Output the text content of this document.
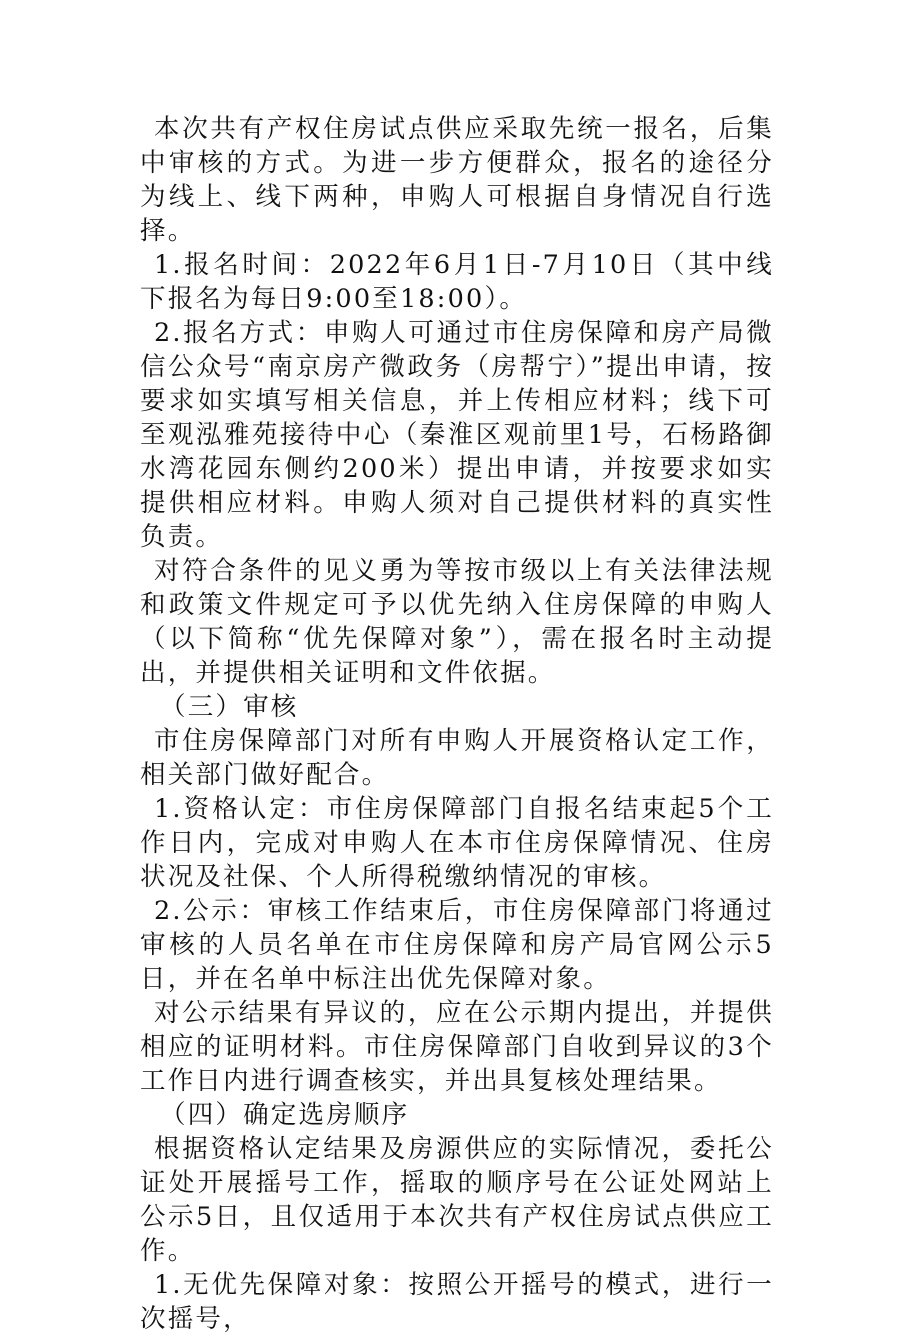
本次共有产权住房试点供应采取先统一报名，后集中审核的方式。为进一步方便群众，报名的途径分为线上、线下两种，申购人可根据自身情况自行选择。

1.报名时间：2022年6月1日-7月10日（其中线下报名为每日9:00至18:00）。

2.报名方式：申购人可通过市住房保障和房产局微信公众号“南京房产微政务（房帮宁）”提出申请，按要求如实填写相关信息，并上传相应材料；线下可至观泓雅苑接待中心（秦淮区观前里1号，石杨路御水湾花园东侧约200米）提出申请，并按要求如实提供相应材料。申购人须对自己提供材料的真实性负责。

对符合条件的见义勇为等按市级以上有关法律法规和政策文件规定可予以优先纳入住房保障的申购人（以下简称“优先保障对象”），需在报名时主动提出，并提供相关证明和文件依据。

（三）审核

市住房保障部门对所有申购人开展资格认定工作，相关部门做好配合。

1.资格认定：市住房保障部门自报名结束起5个工作日内，完成对申购人在本市住房保障情况、住房状况及社保、个人所得税缴纳情况的审核。

2.公示：审核工作结束后，市住房保障部门将通过审核的人员名单在市住房保障和房产局官网公示5日，并在名单中标注出优先保障对象。

对公示结果有异议的，应在公示期内提出，并提供相应的证明材料。市住房保障部门自收到异议的3个工作日内进行调查核实，并出具复核处理结果。

（四）确定选房顺序

根据资格认定结果及房源供应的实际情况，委托公证处开展摇号工作，摇取的顺序号在公证处网站上公示5日，且仅适用于本次共有产权住房试点供应工作。

1.无优先保障对象：按照公开摇号的模式，进行一次摇号，
